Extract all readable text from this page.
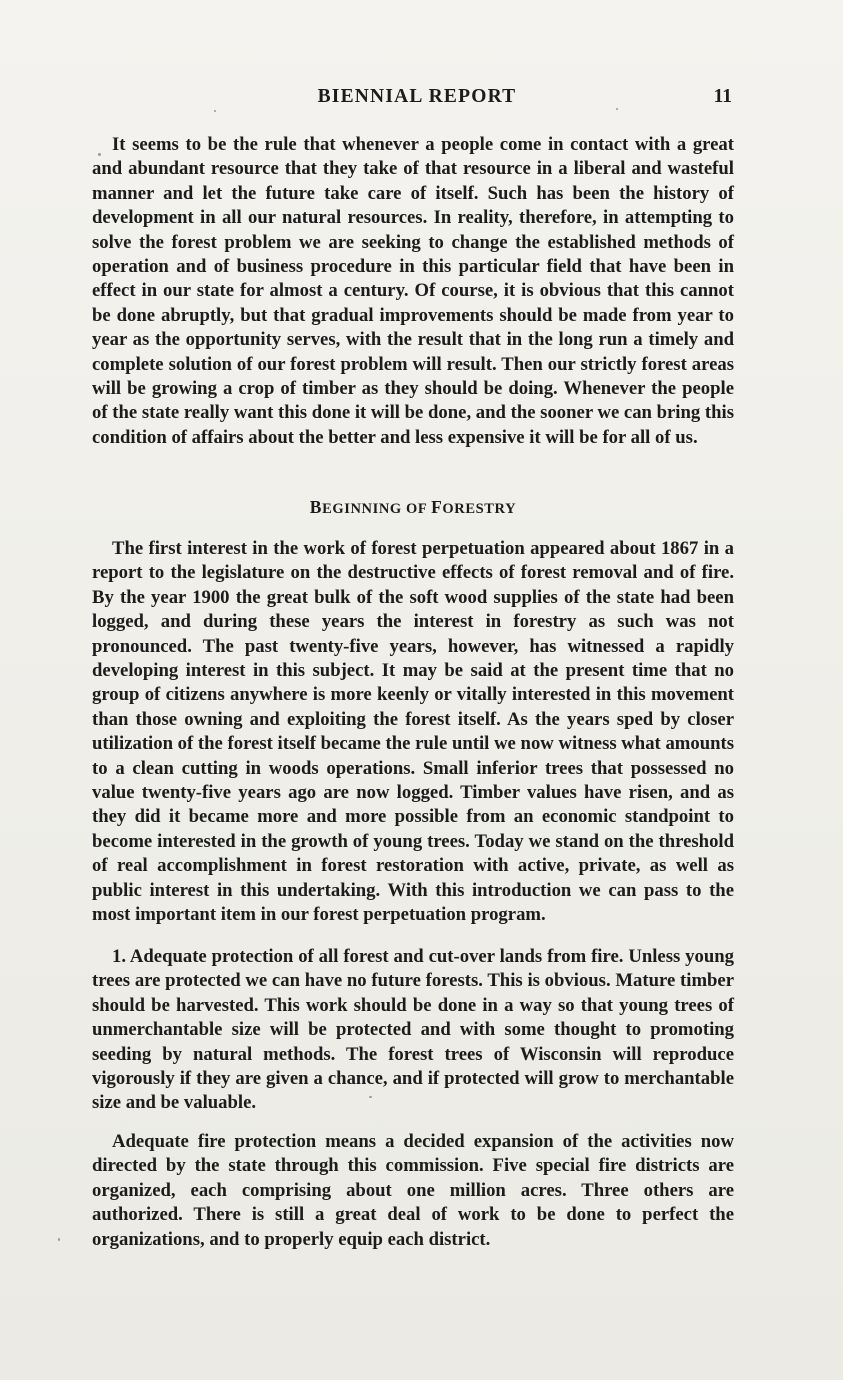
BIENNIAL REPORT	11

It seems to be the rule that whenever a people come in contact with a great and abundant resource that they take of that resource in a liberal and wasteful manner and let the future take care of itself. Such has been the history of development in all our natural resources. In reality, therefore, in attempting to solve the forest problem we are seeking to change the established methods of operation and of business procedure in this particular field that have been in effect in our state for almost a century. Of course, it is obvious that this cannot be done abruptly, but that gradual improvements should be made from year to year as the opportunity serves, with the result that in the long run a timely and complete solution of our forest problem will result. Then our strictly forest areas will be growing a crop of timber as they should be doing. Whenever the people of the state really want this done it will be done, and the sooner we can bring this condition of affairs about the better and less expensive it will be for all of us.

BEGINNING OF FORESTRY

The first interest in the work of forest perpetuation appeared about 1867 in a report to the legislature on the destructive effects of forest removal and of fire. By the year 1900 the great bulk of the soft wood supplies of the state had been logged, and during these years the interest in forestry as such was not pronounced. The past twenty-five years, however, has witnessed a rapidly developing interest in this subject. It may be said at the present time that no group of citizens anywhere is more keenly or vitally interested in this movement than those owning and exploiting the forest itself. As the years sped by closer utilization of the forest itself became the rule until we now witness what amounts to a clean cutting in woods operations. Small inferior trees that possessed no value twenty-five years ago are now logged. Timber values have risen, and as they did it became more and more possible from an economic standpoint to become interested in the growth of young trees. Today we stand on the threshold of real accomplishment in forest restoration with active, private, as well as public interest in this undertaking. With this introduction we can pass to the most important item in our forest perpetuation program.

1. Adequate protection of all forest and cut-over lands from fire. Unless young trees are protected we can have no future forests. This is obvious. Mature timber should be harvested. This work should be done in a way so that young trees of unmerchantable size will be protected and with some thought to promoting seeding by natural methods. The forest trees of Wisconsin will reproduce vigorously if they are given a chance, and if protected will grow to merchantable size and be valuable.

Adequate fire protection means a decided expansion of the activities now directed by the state through this commission. Five special fire districts are organized, each comprising about one million acres. Three others are authorized. There is still a great deal of work to be done to perfect the organizations, and to properly equip each district.
